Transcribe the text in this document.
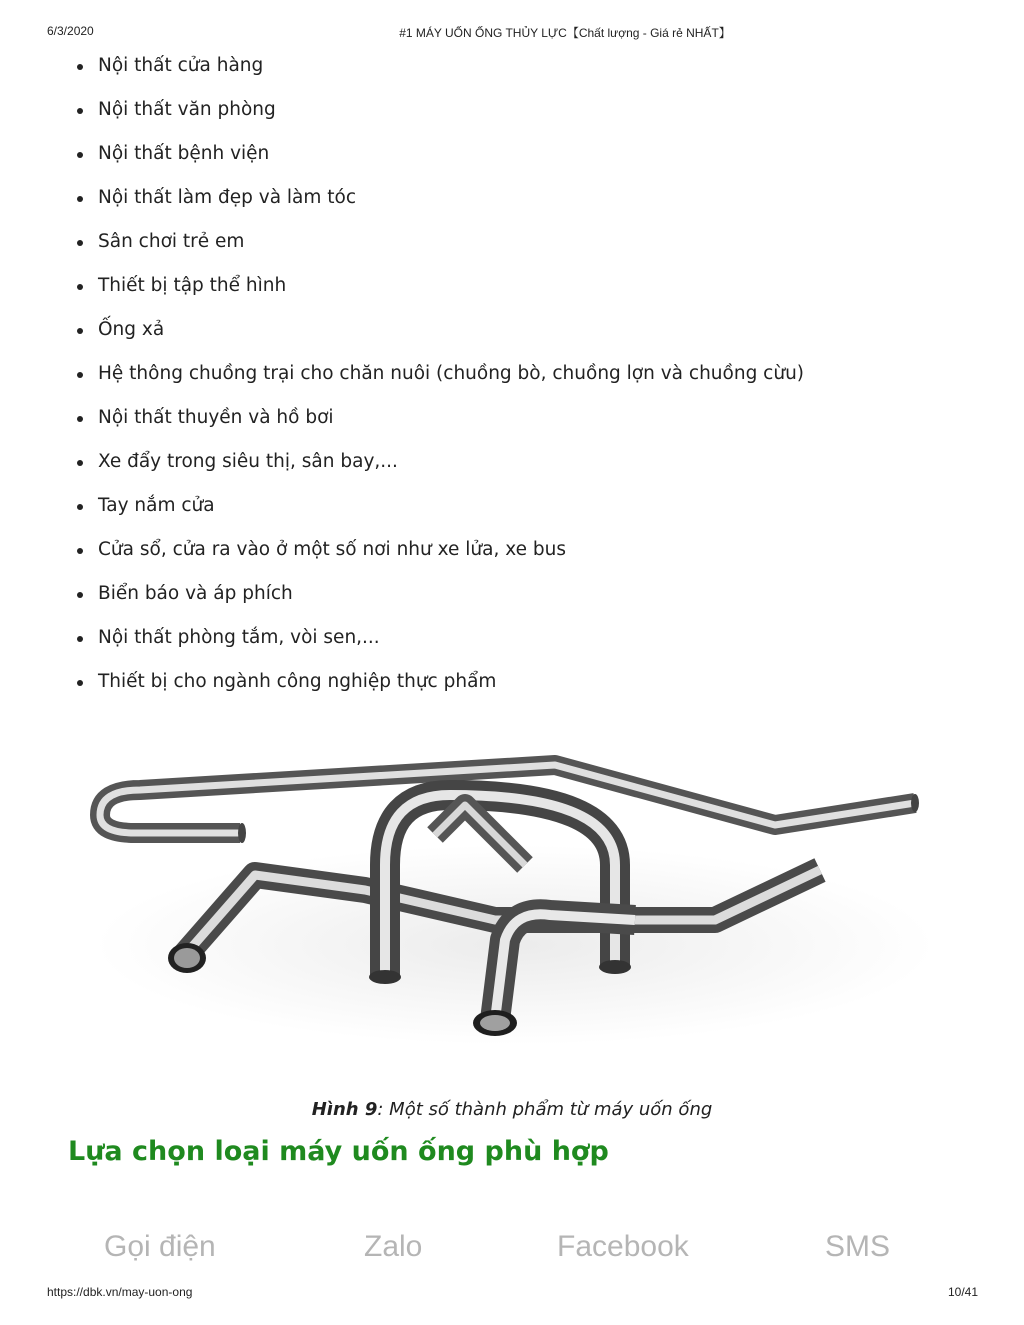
6/3/2020	#1 MÁY UỐN ỐNG THỦY LỰC【Chất lượng - Giá rẻ NHẤT】
Nội thất cửa hàng
Nội thất văn phòng
Nội thất bệnh viện
Nội thất làm đẹp và làm tóc
Sân chơi trẻ em
Thiết bị tập thể hình
Ống xả
Hệ thông chuồng trại cho chăn nuôi (chuồng bò, chuồng lợn và chuồng cừu)
Nội thất thuyền và hồ bơi
Xe đẩy trong siêu thị, sân bay,...
Tay nắm cửa
Cửa sổ, cửa ra vào ở một số nơi như xe lửa, xe bus
Biển báo và áp phích
Nội thất phòng tắm, vòi sen,...
Thiết bị cho ngành công nghiệp thực phẩm
Hình 9: Một số thành phẩm từ máy uốn ống
Lựa chọn loại máy uốn ống phù hợp
Gọi điện	Zalo	Facebook	SMS
https://dbk.vn/may-uon-ong	10/41
